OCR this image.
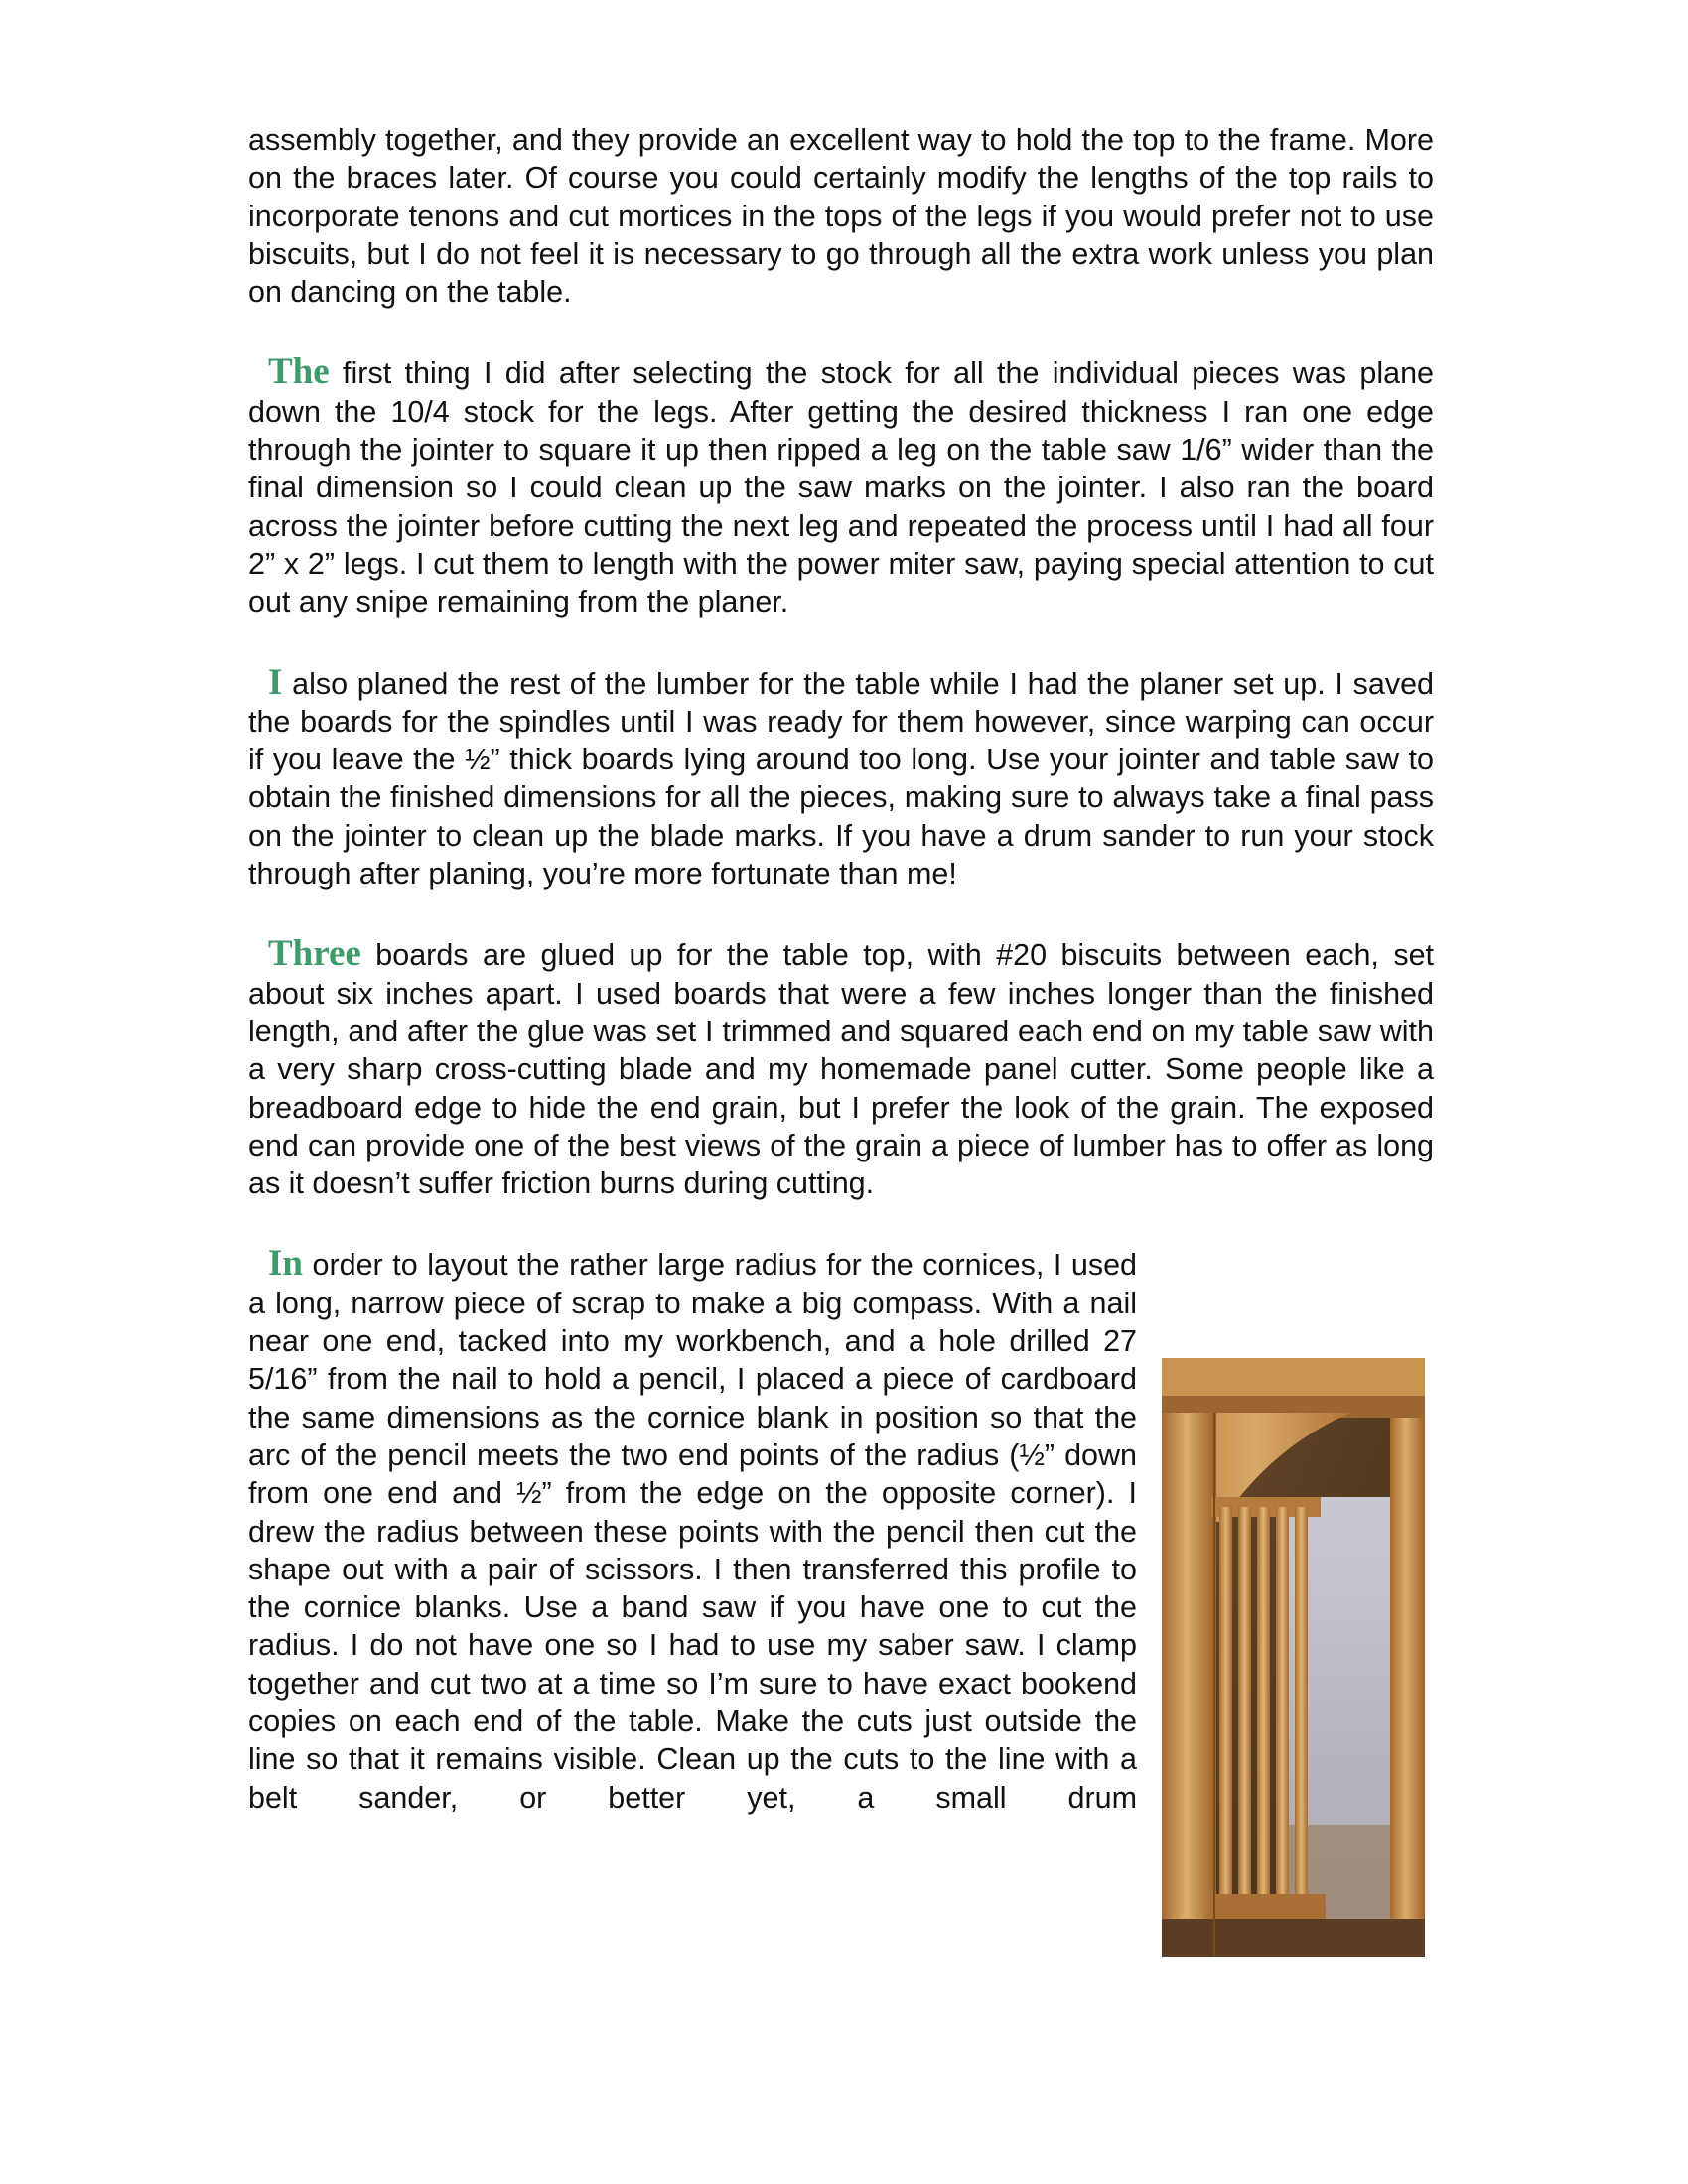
assembly together, and they provide an excellent way to hold the top to the frame. More on the braces later. Of course you could certainly modify the lengths of the top rails to incorporate tenons and cut mortices in the tops of the legs if you would prefer not to use biscuits, but I do not feel it is necessary to go through all the extra work unless you plan on dancing on the table.

The first thing I did after selecting the stock for all the individual pieces was plane down the 10/4 stock for the legs. After getting the desired thickness I ran one edge through the jointer to square it up then ripped a leg on the table saw 1/6” wider than the final dimension so I could clean up the saw marks on the jointer. I also ran the board across the jointer before cutting the next leg and repeated the process until I had all four 2” x 2” legs. I cut them to length with the power miter saw, paying special attention to cut out any snipe remaining from the planer.

I also planed the rest of the lumber for the table while I had the planer set up. I saved the boards for the spindles until I was ready for them however, since warping can occur if you leave the ½” thick boards lying around too long. Use your jointer and table saw to obtain the finished dimensions for all the pieces, making sure to always take a final pass on the jointer to clean up the blade marks. If you have a drum sander to run your stock through after planing, you’re more fortunate than me!

Three boards are glued up for the table top, with #20 biscuits between each, set about six inches apart. I used boards that were a few inches longer than the finished length, and after the glue was set I trimmed and squared each end on my table saw with a very sharp cross-cutting blade and my homemade panel cutter. Some people like a breadboard edge to hide the end grain, but I prefer the look of the grain. The exposed end can provide one of the best views of the grain a piece of lumber has to offer as long as it doesn’t suffer friction burns during cutting.

In order to layout the rather large radius for the cornices, I used a long, narrow piece of scrap to make a big compass. With a nail near one end, tacked into my workbench, and a hole drilled 27 5/16” from the nail to hold a pencil, I placed a piece of cardboard the same dimensions as the cornice blank in position so that the arc of the pencil meets the two end points of the radius (½” down from one end and ½” from the edge on the opposite corner). I drew the radius between these points with the pencil then cut the shape out with a pair of scissors. I then transferred this profile to the cornice blanks. Use a band saw if you have one to cut the radius. I do not have one so I had to use my saber saw. I clamp together and cut two at a time so I’m sure to have exact bookend copies on each end of the table. Make the cuts just outside the line so that it remains visible. Clean up the cuts to the line with a belt sander, or better yet, a small drum
